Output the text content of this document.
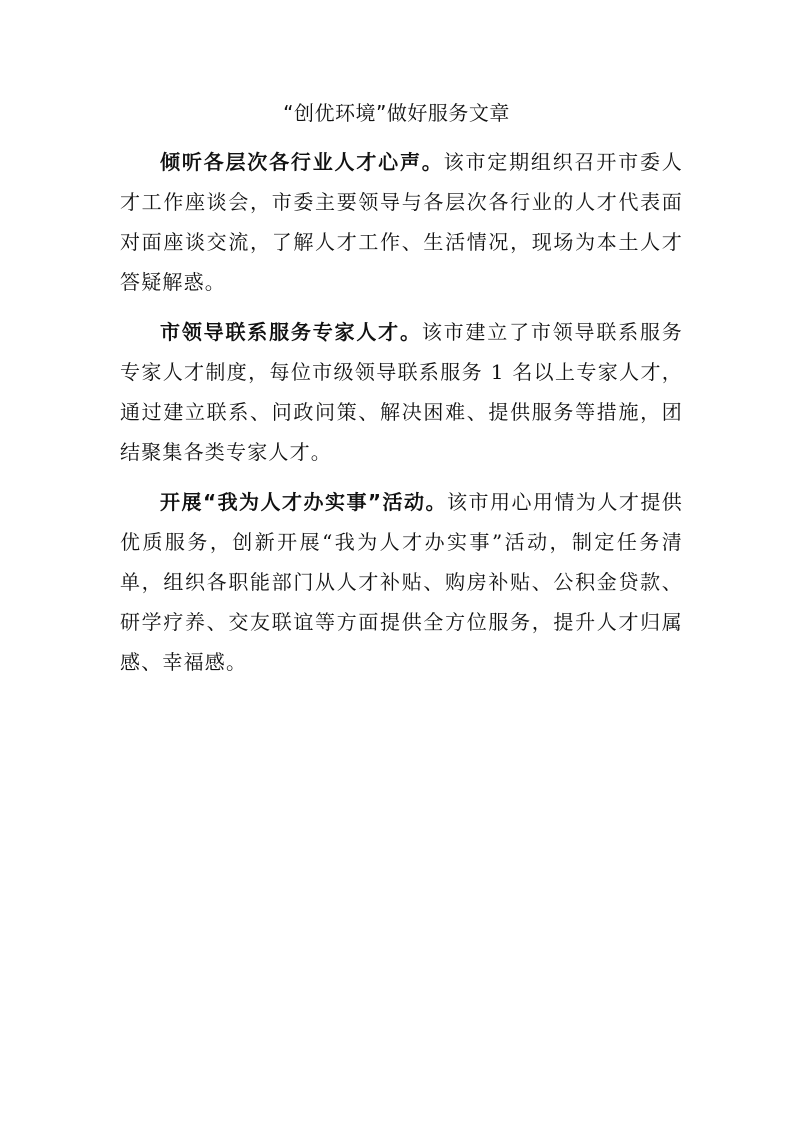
“创优环境”做好服务文章

倾听各层次各行业人才心声。该市定期组织召开市委人才工作座谈会，市委主要领导与各层次各行业的人才代表面对面座谈交流，了解人才工作、生活情况，现场为本土人才答疑解惑。

市领导联系服务专家人才。该市建立了市领导联系服务专家人才制度，每位市级领导联系服务 1 名以上专家人才，通过建立联系、问政问策、解决困难、提供服务等措施，团结聚集各类专家人才。

开展“我为人才办实事”活动。该市用心用情为人才提供优质服务，创新开展“我为人才办实事”活动，制定任务清单，组织各职能部门从人才补贴、购房补贴、公积金贷款、研学疗养、交友联谊等方面提供全方位服务，提升人才归属感、幸福感。
